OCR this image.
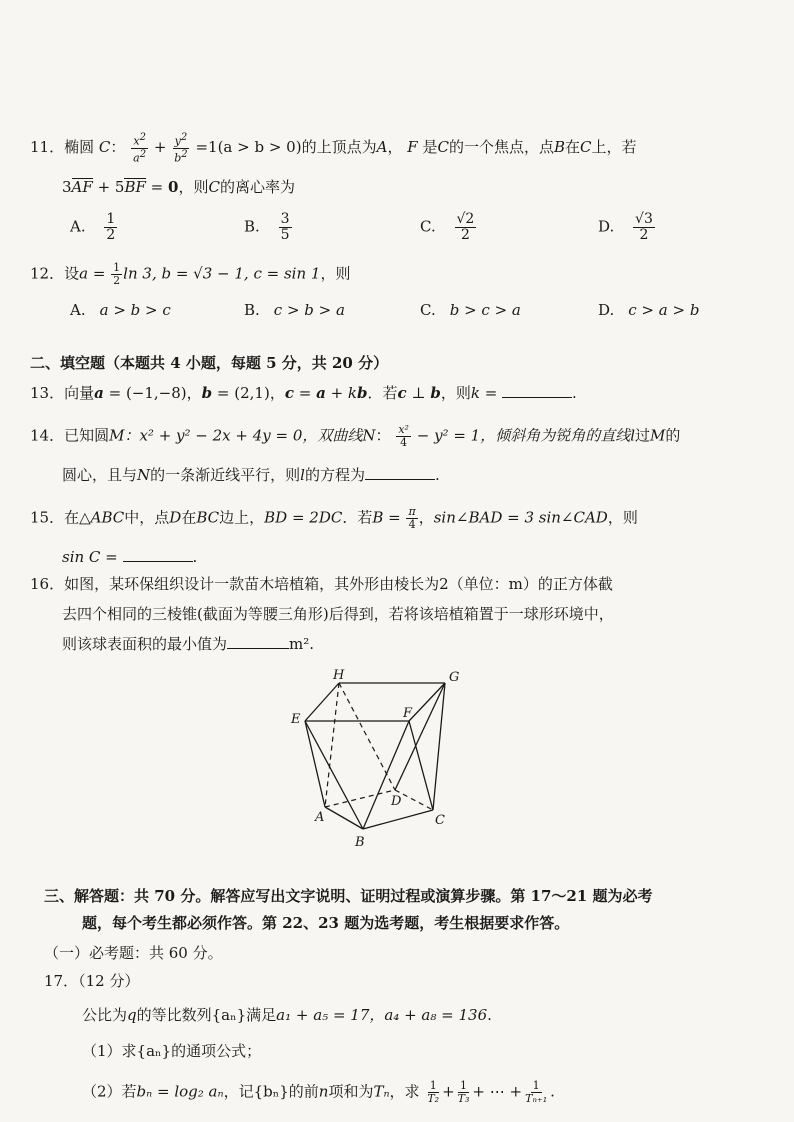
11．椭圆 C： $\frac{x2}{a2} + \frac{y2}{b2} =1(a > b > 0)$的上顶点为A， F 是C的一个焦点，点B在C上，若
3AF + 5BF = 0，则C的离心率为
A. $\frac{1}{2}$	B. $\frac{3}{5}$	C. $\frac{√2}{2}$	D. $\frac{√3}{2}$
12．设$a = \frac{1}{2}$ ln 3, b = √3 − 1, c = sin 1，则
A. a > b > c	B. c > b > a	C. b > c > a	D. c > a > b
二、填空题（本题共 4 小题，每题 5 分，共 20 分）
13．向量a = (−1,−8)，b = (2,1)，c = a + kb．若c ⊥ b，则k =	.
14．已知圆M：x² + y² − 2x + 4y = 0，双曲线N： $\frac{\text{x²}}{4} - y^2 = 1$，倾斜角为锐角的直线l过M的
圆心，且与N的一条渐近线平行，则l的方程为	.
15．在△ABC中，点D在BC边上，BD = 2DC．若$B = \frac{\pi}{4}$ ，sin∠BAD = 3 sin∠CAD，则
sin C =	.
16．如图，某环保组织设计一款苗木培植箱，其外形由棱长为2（单位：m）的正方体截
去四个相同的三棱锥(截面为等腰三角形)后得到，若将该培植箱置于一球形环境中，
则该球表面积的最小值为	m².
H	G
E	F
D
A	C
B
三、解答题：共 70 分。解答应写出文字说明、证明过程或演算步骤。第 17～21 题为必考
题，每个考生都必须作答。第 22、23 题为选考题，考生根据要求作答。
（一）必考题：共 60 分。
17．（12 分）
公比为q的等比数列{aₙ}满足a₁ + a₅ = 17，a₄ + a₈ = 136.
（1）求{aₙ}的通项公式；
（2）若bₙ = log₂ aₙ，记{bₙ}的前n项和为Tₙ，求 $\frac{1}{\text{T₂}} + \frac{1}{\text{T₃}}$ + ⋯ + $\frac{1}{\text{Tₙ₊₁}}$ .
